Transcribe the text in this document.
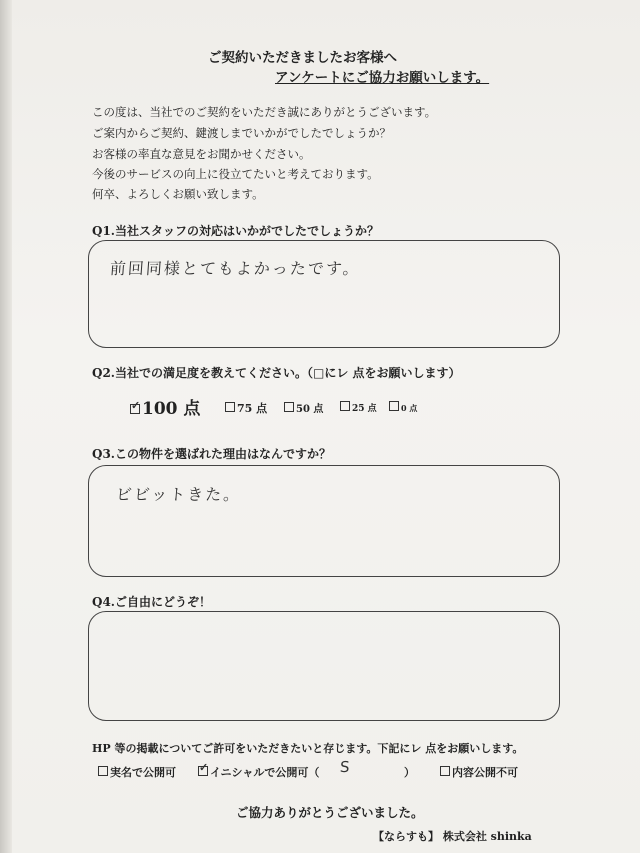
ご契約いただきましたお客様へ
アンケートにご協力お願いします。
この度は、当社でのご契約をいただき誠にありがとうございます。
ご案内からご契約、鍵渡しまでいかがでしたでしょうか？
お客様の率直な意見をお聞かせください。
今後のサービスの向上に役立てたいと考えております。
何卒、よろしくお願い致します。
Q1.当社スタッフの対応はいかがでしたでしょうか？
前回同様とてもよかったです。
Q2.当社での満足度を教えてください。（□にレ 点をお願いします）
✓100 点	75 点	50 点	25 点	0 点
Q3.この物件を選ばれた理由はなんですか？
ビビットきた。
Q4.ご自由にどうぞ！
HP 等の掲載についてご許可をいただきたいと存じます。下記にレ 点をお願いします。
実名で公開可
✓	イニシャルで公開可（ S	）	内容公開不可
ご協力ありがとうございました。
【ならすも】 株式会社 shinka
